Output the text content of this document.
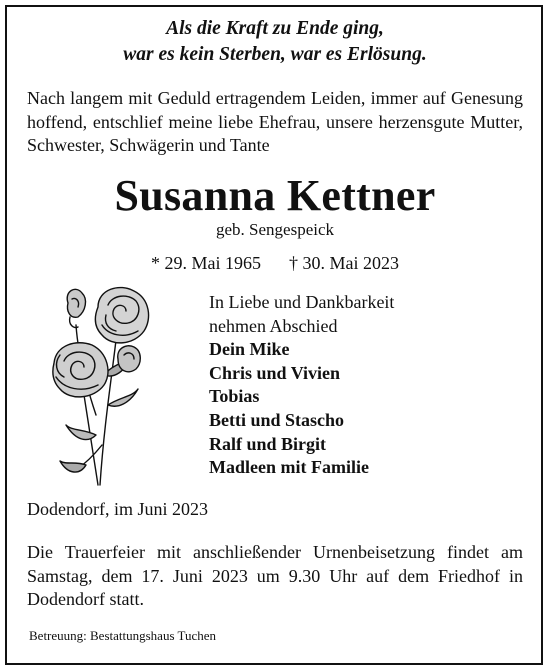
Als die Kraft zu Ende ging,
war es kein Sterben, war es Erlösung.
Nach langem mit Geduld ertragendem Leiden, immer auf Genesung hoffend, entschlief meine liebe Ehefrau, unsere herzensgute Mutter, Schwester, Schwägerin und Tante
Susanna Kettner
geb. Sengespeick
* 29. Mai 1965 † 30. Mai 2023
In Liebe und Dankbarkeit
nehmen Abschied
Dein Mike
Chris und Vivien
Tobias
Betti und Stascho
Ralf und Birgit
Madleen mit Familie
Dodendorf, im Juni 2023
Die Trauerfeier mit anschließender Urnenbeisetzung findet am Samstag, dem 17. Juni 2023 um 9.30 Uhr auf dem Friedhof in Dodendorf statt.
Betreuung: Bestattungshaus Tuchen
